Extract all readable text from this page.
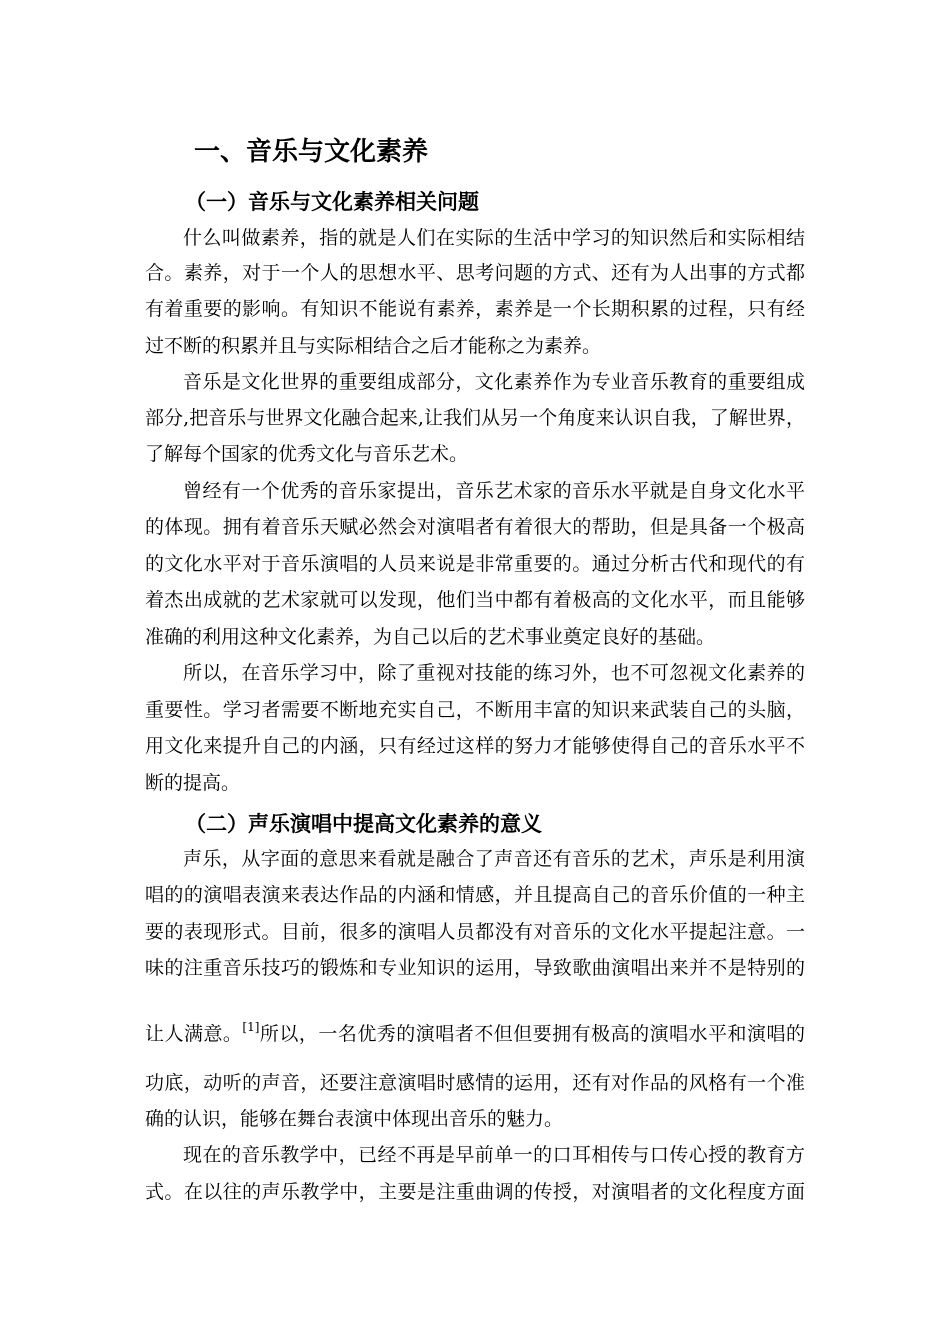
一、音乐与文化素养
（一）音乐与文化素养相关问题
什么叫做素养，指的就是人们在实际的生活中学习的知识然后和实际相结
合。素养，对于一个人的思想水平、思考问题的方式、还有为人出事的方式都
有着重要的影响。有知识不能说有素养，素养是一个长期积累的过程，只有经
过不断的积累并且与实际相结合之后才能称之为素养。
音乐是文化世界的重要组成部分，文化素养作为专业音乐教育的重要组成
部分,把音乐与世界文化融合起来,让我们从另一个角度来认识自我，了解世界，
了解每个国家的优秀文化与音乐艺术。
曾经有一个优秀的音乐家提出，音乐艺术家的音乐水平就是自身文化水平
的体现。拥有着音乐天赋必然会对演唱者有着很大的帮助，但是具备一个极高
的文化水平对于音乐演唱的人员来说是非常重要的。通过分析古代和现代的有
着杰出成就的艺术家就可以发现，他们当中都有着极高的文化水平，而且能够
准确的利用这种文化素养，为自己以后的艺术事业奠定良好的基础。
所以，在音乐学习中，除了重视对技能的练习外，也不可忽视文化素养的
重要性。学习者需要不断地充实自己，不断用丰富的知识来武装自己的头脑，
用文化来提升自己的内涵，只有经过这样的努力才能够使得自己的音乐水平不
断的提高。
（二）声乐演唱中提高文化素养的意义
声乐，从字面的意思来看就是融合了声音还有音乐的艺术，声乐是利用演
唱的的演唱表演来表达作品的内涵和情感，并且提高自己的音乐价值的一种主
要的表现形式。目前，很多的演唱人员都没有对音乐的文化水平提起注意。一
味的注重音乐技巧的锻炼和专业知识的运用，导致歌曲演唱出来并不是特别的
让人满意。[1]所以，一名优秀的演唱者不但但要拥有极高的演唱水平和演唱的
功底，动听的声音，还要注意演唱时感情的运用，还有对作品的风格有一个准
确的认识，能够在舞台表演中体现出音乐的魅力。
现在的音乐教学中，已经不再是早前单一的口耳相传与口传心授的教育方
式。在以往的声乐教学中，主要是注重曲调的传授，对演唱者的文化程度方面
